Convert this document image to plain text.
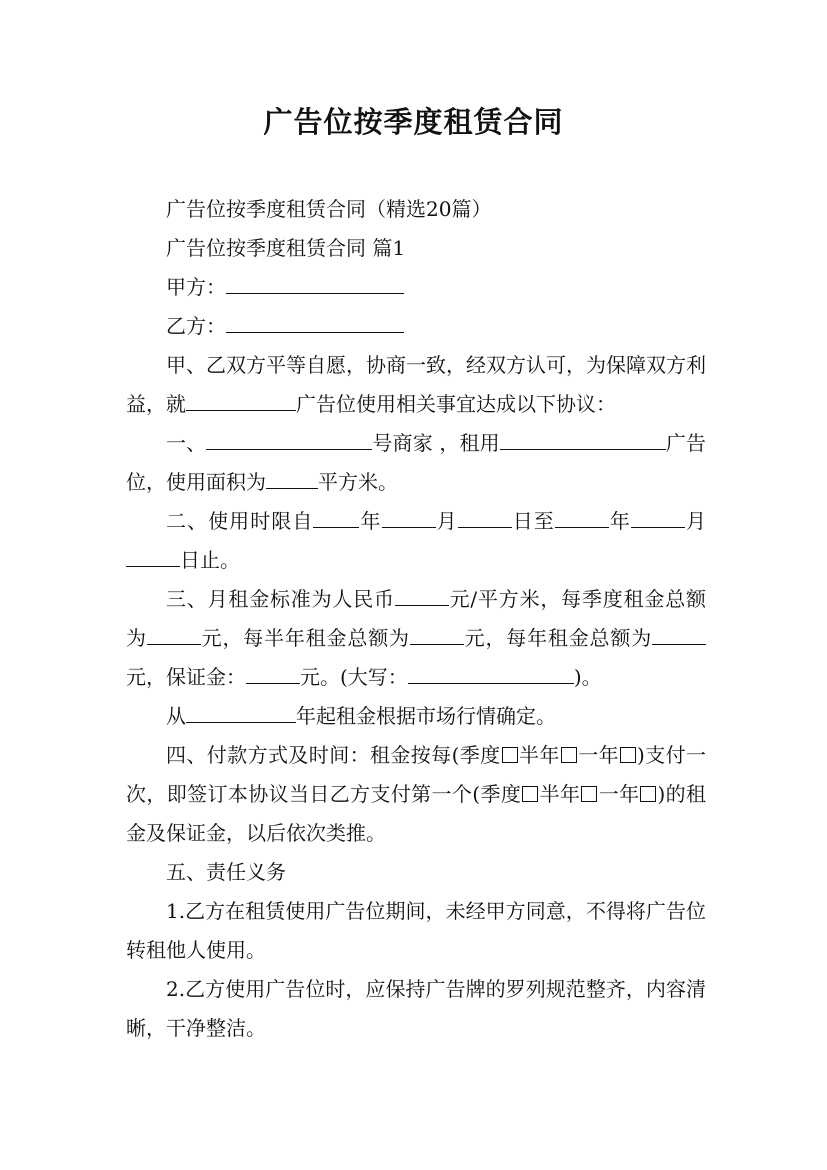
广告位按季度租赁合同

广告位按季度租赁合同（精选20篇）

广告位按季度租赁合同 篇1

甲方：

乙方：

甲、乙双方平等自愿，协商一致，经双方认可，为保障双方利益，就	广告位使用相关事宜达成以下协议：

一、	号商家 ，租用	广告位，使用面积为	平方米。

二、使用时限自 年	月	日至	年	月日止。

三、月租金标准为人民币	元/平方米，每季度租金总额为	元，每半年租金总额为	元，每年租金总额为元，保证金：	元。(大写：	)。

从	年起租金根据市场行情确定。

四、付款方式及时间：租金按每(季度 半年 一年 )支付一次，即签订本协议当日乙方支付第一个(季度 半年 一年 )的租金及保证金，以后依次类推。

五、责任义务

1.乙方在租赁使用广告位期间，未经甲方同意，不得将广告位转租他人使用。

2.乙方使用广告位时，应保持广告牌的罗列规范整齐，内容清晰，干净整洁。
